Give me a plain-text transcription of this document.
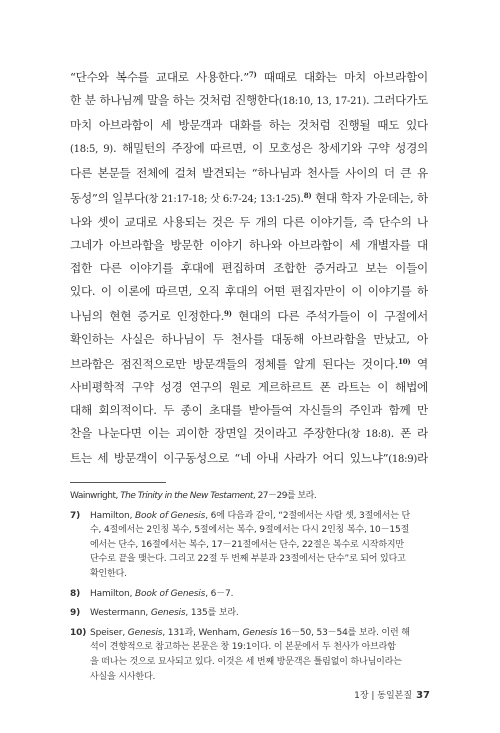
“단수와 복수를 교대로 사용한다.”$^{7)}$ 때때로 대화는 마치 아브라함이
한 분 하나님께 말을 하는 것처럼 진행한다(18:10, 13, 17-21). 그러다가도
마치 아브라함이 세 방문객과 대화를 하는 것처럼 진행될 때도 있다
(18:5, 9). 해밀턴의 주장에 따르면, 이 모호성은 창세기와 구약 성경의
다른 본문들 전체에 걸쳐 발견되는 “하나님과 천사들 사이의 더 큰 유
동성”의 일부다(창 21:17-18; 삿 6:7-24; 13:1-25).$^{8)}$ 현대 학자 가운데는, 하
나와 셋이 교대로 사용되는 것은 두 개의 다른 이야기들, 즉 단수의 나
그네가 아브라함을 방문한 이야기 하나와 아브라함이 세 개별자를 대
접한 다른 이야기를 후대에 편집하며 조합한 증거라고 보는 이들이
있다. 이 이론에 따르면, 오직 후대의 어떤 편집자만이 이 이야기를 하
나님의 현현 증거로 인정한다.$^{9)}$ 현대의 다른 주석가들이 이 구절에서
확인하는 사실은 하나님이 두 천사를 대동해 아브라함을 만났고, 아
브라함은 점진적으로만 방문객들의 정체를 알게 된다는 것이다.$^{10)}$ 역
사비평학적 구약 성경 연구의 원로 게르하르트 폰 라트는 이 해법에
대해 회의적이다. 두 종이 초대를 받아들여 자신들의 주인과 함께 만
찬을 나눈다면 이는 괴이한 장면일 것이라고 주장한다(창 18:8). 폰 라
트는 세 방문객이 이구동성으로 “네 아내 사라가 어디 있느냐”(18:9)라
Wainwright, The Trinity in the New Testament, 27－29를 보라.
7) Hamilton, Book of Genesis, 6에 다음과 같이, “2절에서는 사람 셋, 3절에서는 단
수, 4절에서는 2인칭 복수, 5절에서는 복수, 9절에서는 다시 2인칭 복수, 10－15절
에서는 단수, 16절에서는 복수, 17－21절에서는 단수, 22절은 복수로 시작하지만
단수로 끝을 맺는다. 그리고 22절 두 번째 부분과 23절에서는 단수”로 되어 있다고
확인한다.
8) Hamilton, Book of Genesis, 6－7.
9) Westermann, Genesis, 135를 보라.
10) Speiser, Genesis, 131과, Wenham, Genesis 16－50, 53－54를 보라. 이런 해
석이 견향적으로 참고하는 본문은 창 19:1이다. 이 본문에서 두 천사가 아브라함
을 떠나는 것으로 묘사되고 있다. 이것은 세 번째 방문객은 틀림없이 하나님이라는
사실을 시사한다.
1장 | 동일본질 37
